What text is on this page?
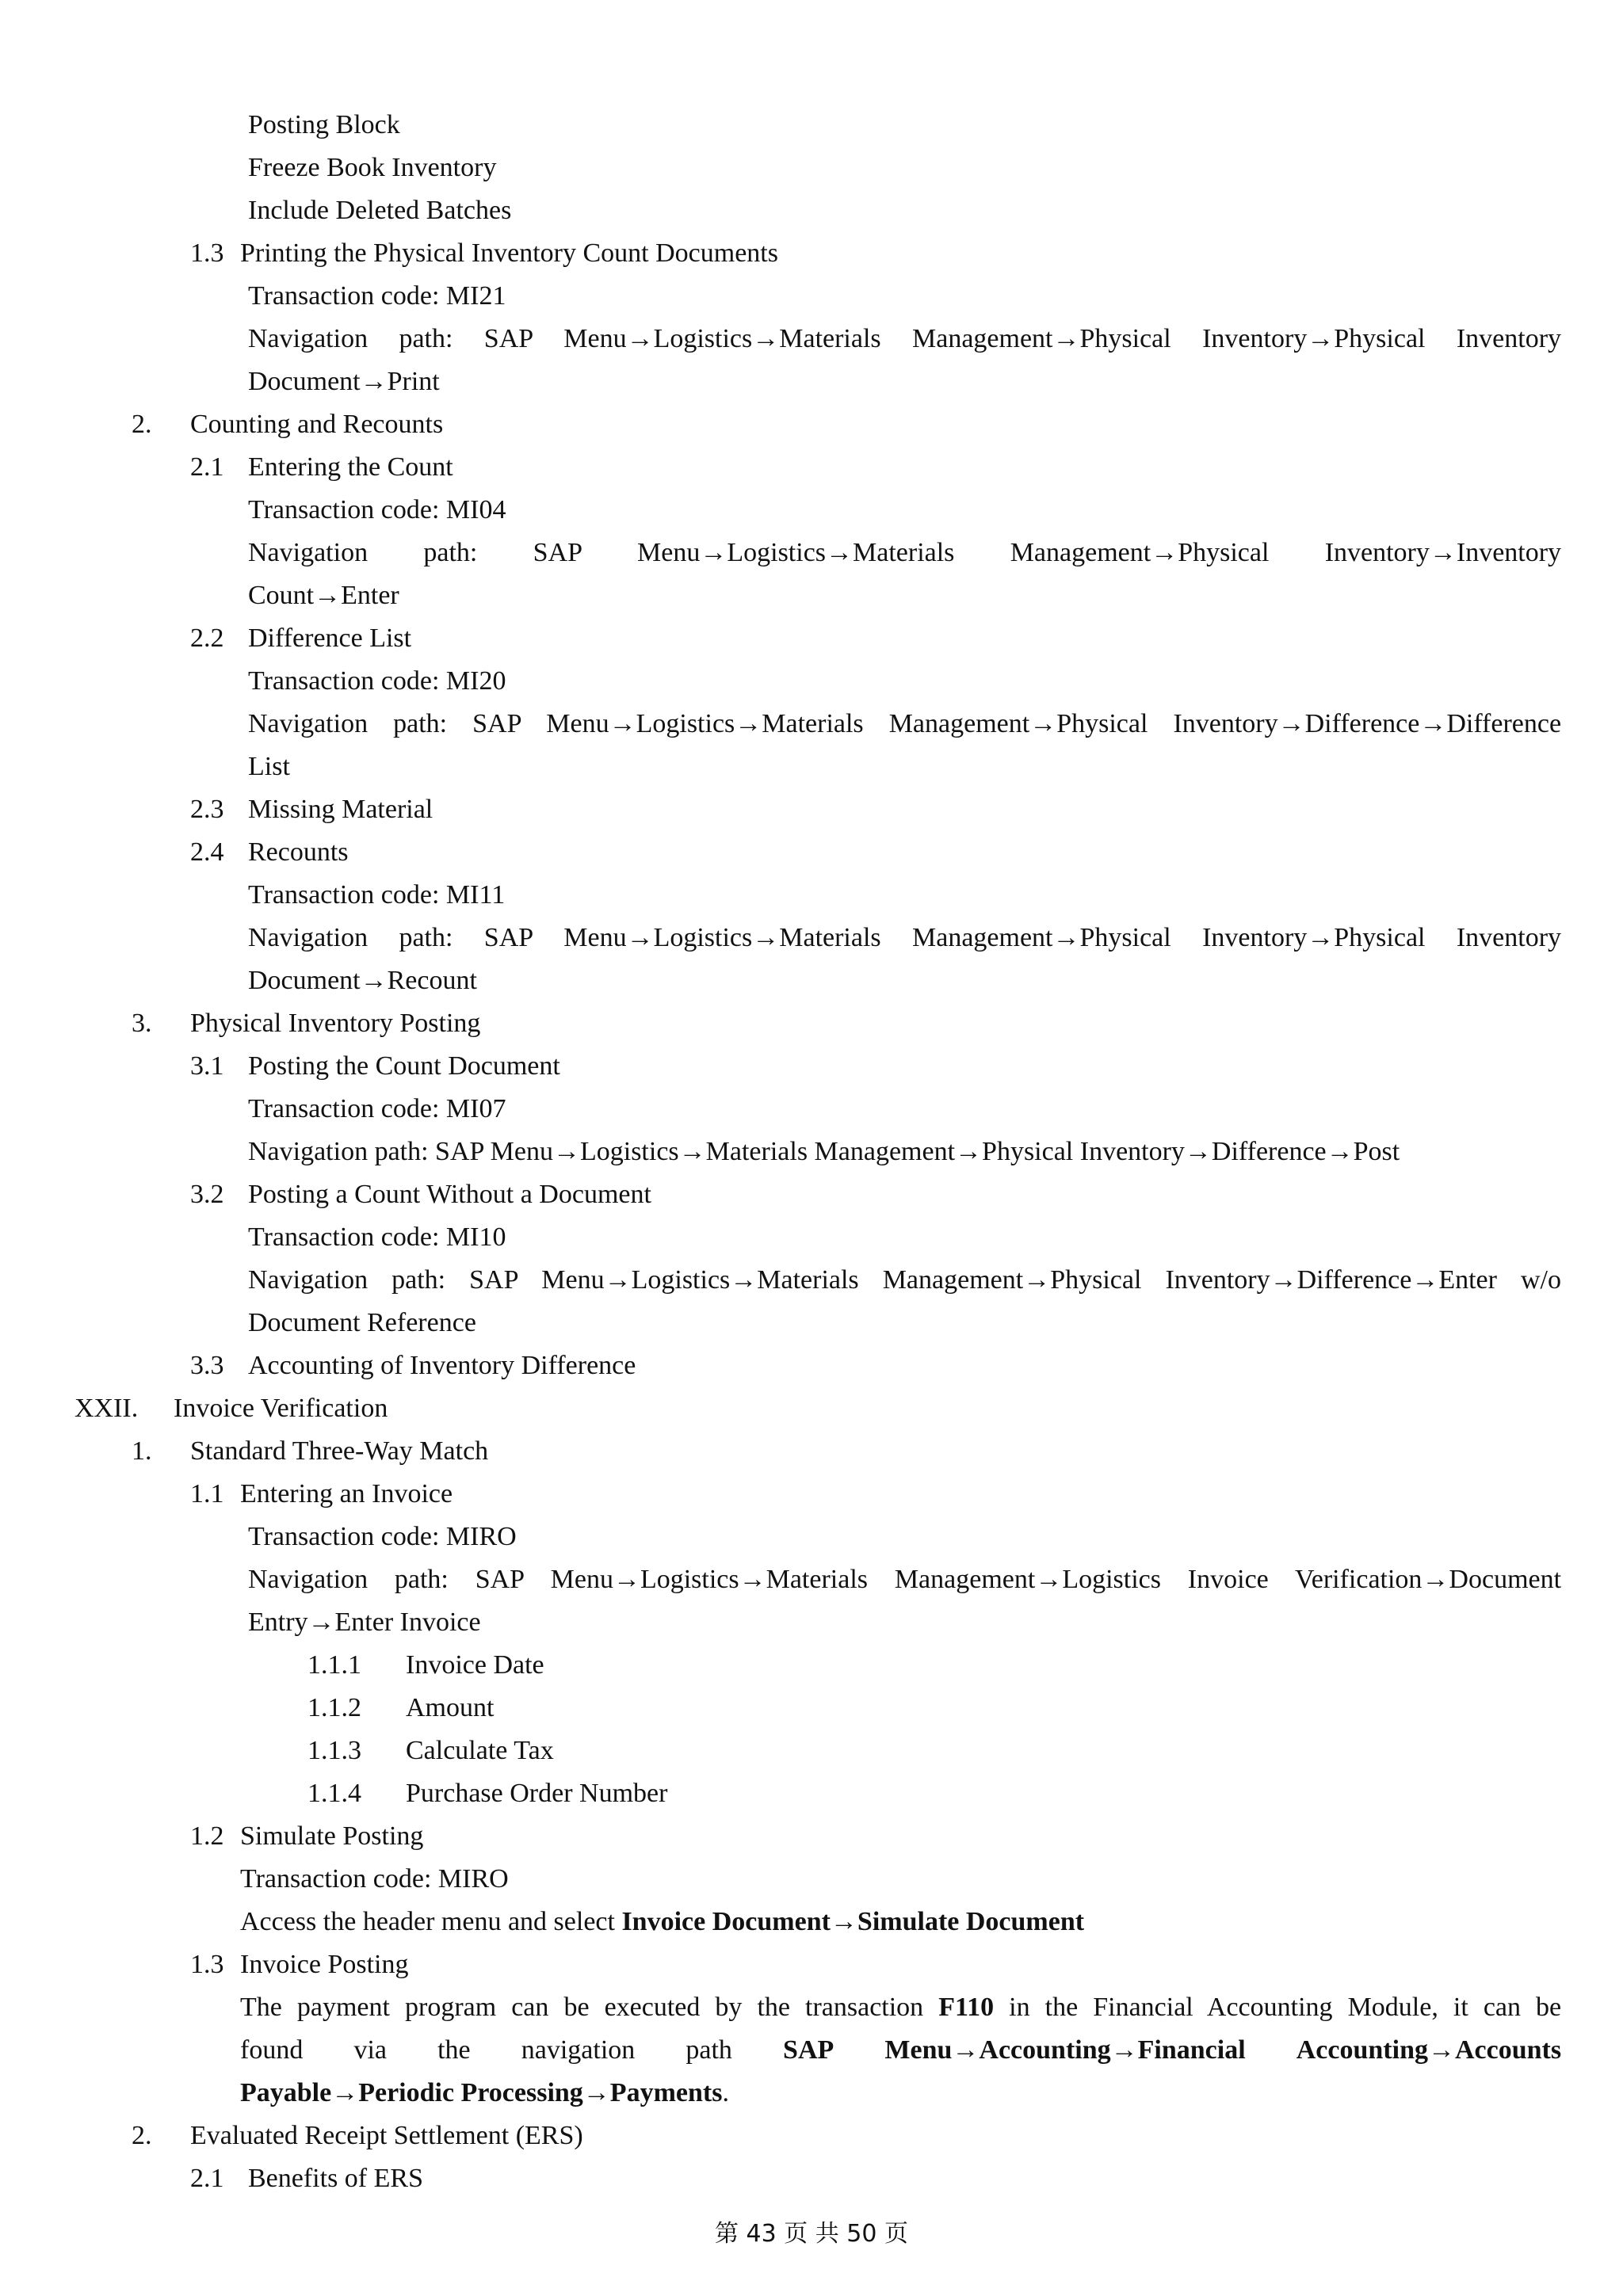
Posting Block
Freeze Book Inventory
Include Deleted Batches
1.3 Printing the Physical Inventory Count Documents
Transaction code: MI21
Navigation path: SAP Menu→Logistics→Materials Management→Physical Inventory→Physical Inventory
Document→Print
2. Counting and Recounts
2.1 Entering the Count
Transaction code: MI04
Navigation path: SAP Menu→Logistics→Materials Management→Physical Inventory→Inventory
Count→Enter
2.2 Difference List
Transaction code: MI20
Navigation path: SAP Menu→Logistics→Materials Management→Physical Inventory→Difference→Difference
List
2.3 Missing Material
2.4 Recounts
Transaction code: MI11
Navigation path: SAP Menu→Logistics→Materials Management→Physical Inventory→Physical Inventory
Document→Recount
3. Physical Inventory Posting
3.1 Posting the Count Document
Transaction code: MI07
Navigation path: SAP Menu→Logistics→Materials Management→Physical Inventory→Difference→Post
3.2 Posting a Count Without a Document
Transaction code: MI10
Navigation path: SAP Menu→Logistics→Materials Management→Physical Inventory→Difference→Enter w/o
Document Reference
3.3 Accounting of Inventory Difference
XXII. Invoice Verification
1. Standard Three-Way Match
1.1 Entering an Invoice
Transaction code: MIRO
Navigation path: SAP Menu→Logistics→Materials Management→Logistics Invoice Verification→Document
Entry→Enter Invoice
1.1.1 Invoice Date
1.1.2 Amount
1.1.3 Calculate Tax
1.1.4 Purchase Order Number
1.2 Simulate Posting
Transaction code: MIRO
Access the header menu and select Invoice Document→Simulate Document
1.3 Invoice Posting
The payment program can be executed by the transaction F110 in the Financial Accounting Module, it can be
found via the navigation path SAP Menu→Accounting→Financial Accounting→Accounts
Payable→Periodic Processing→Payments.
2. Evaluated Receipt Settlement (ERS)
2.1 Benefits of ERS
第 43 页 共 50 页
